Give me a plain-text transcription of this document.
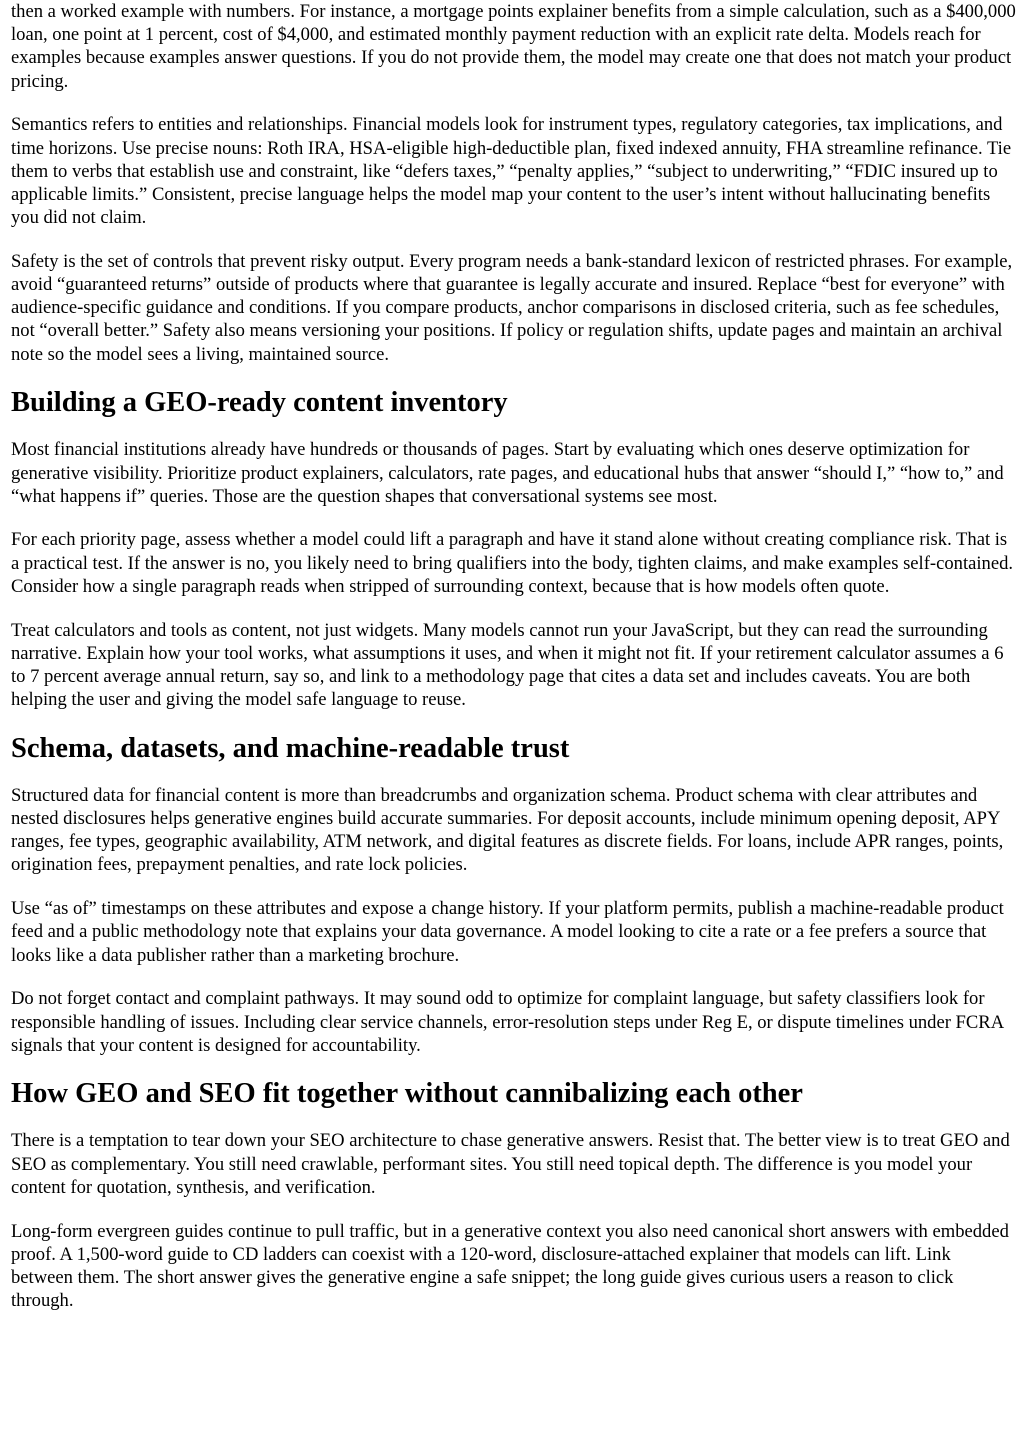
then a worked example with numbers. For instance, a mortgage points explainer benefits from a simple calculation, such as a $400,000 loan, one point at 1 percent, cost of $4,000, and estimated monthly payment reduction with an explicit rate delta. Models reach for examples because examples answer questions. If you do not provide them, the model may create one that does not match your product pricing.

Semantics refers to entities and relationships. Financial models look for instrument types, regulatory categories, tax implications, and time horizons. Use precise nouns: Roth IRA, HSA-eligible high-deductible plan, fixed indexed annuity, FHA streamline refinance. Tie them to verbs that establish use and constraint, like “defers taxes,” “penalty applies,” “subject to underwriting,” “FDIC insured up to applicable limits.” Consistent, precise language helps the model map your content to the user’s intent without hallucinating benefits you did not claim.

Safety is the set of controls that prevent risky output. Every program needs a bank-standard lexicon of restricted phrases. For example, avoid “guaranteed returns” outside of products where that guarantee is legally accurate and insured. Replace “best for everyone” with audience-specific guidance and conditions. If you compare products, anchor comparisons in disclosed criteria, such as fee schedules, not “overall better.” Safety also means versioning your positions. If policy or regulation shifts, update pages and maintain an archival note so the model sees a living, maintained source.

Building a GEO-ready content inventory

Most financial institutions already have hundreds or thousands of pages. Start by evaluating which ones deserve optimization for generative visibility. Prioritize product explainers, calculators, rate pages, and educational hubs that answer “should I,” “how to,” and “what happens if” queries. Those are the question shapes that conversational systems see most.

For each priority page, assess whether a model could lift a paragraph and have it stand alone without creating compliance risk. That is a practical test. If the answer is no, you likely need to bring qualifiers into the body, tighten claims, and make examples self-contained. Consider how a single paragraph reads when stripped of surrounding context, because that is how models often quote.

Treat calculators and tools as content, not just widgets. Many models cannot run your JavaScript, but they can read the surrounding narrative. Explain how your tool works, what assumptions it uses, and when it might not fit. If your retirement calculator assumes a 6 to 7 percent average annual return, say so, and link to a methodology page that cites a data set and includes caveats. You are both helping the user and giving the model safe language to reuse.

Schema, datasets, and machine-readable trust

Structured data for financial content is more than breadcrumbs and organization schema. Product schema with clear attributes and nested disclosures helps generative engines build accurate summaries. For deposit accounts, include minimum opening deposit, APY ranges, fee types, geographic availability, ATM network, and digital features as discrete fields. For loans, include APR ranges, points, origination fees, prepayment penalties, and rate lock policies.

Use “as of” timestamps on these attributes and expose a change history. If your platform permits, publish a machine-readable product feed and a public methodology note that explains your data governance. A model looking to cite a rate or a fee prefers a source that looks like a data publisher rather than a marketing brochure.

Do not forget contact and complaint pathways. It may sound odd to optimize for complaint language, but safety classifiers look for responsible handling of issues. Including clear service channels, error-resolution steps under Reg E, or dispute timelines under FCRA signals that your content is designed for accountability.

How GEO and SEO fit together without cannibalizing each other

There is a temptation to tear down your SEO architecture to chase generative answers. Resist that. The better view is to treat GEO and SEO as complementary. You still need crawlable, performant sites. You still need topical depth. The difference is you model your content for quotation, synthesis, and verification.

Long-form evergreen guides continue to pull traffic, but in a generative context you also need canonical short answers with embedded proof. A 1,500-word guide to CD ladders can coexist with a 120-word, disclosure-attached explainer that models can lift. Link between them. The short answer gives the generative engine a safe snippet; the long guide gives curious users a reason to click through.
